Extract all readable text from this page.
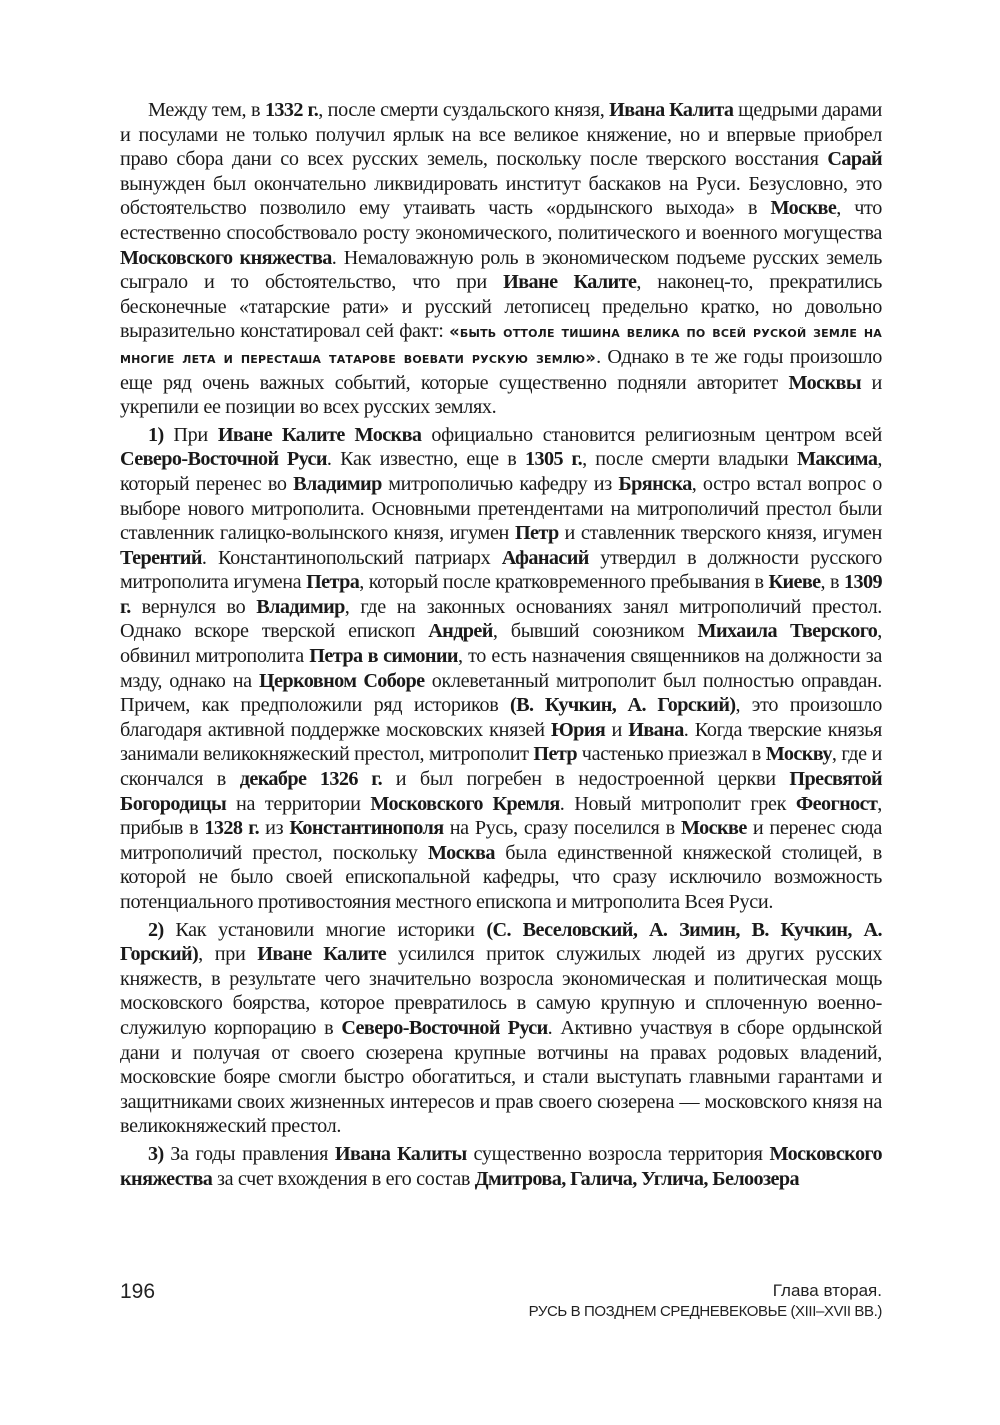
Между тем, в 1332 г., после смерти суздальского князя, Ивана Калита щедрыми дарами и посулами не только получил ярлык на все великое княжение, но и впервые приобрел право сбора дани со всех русских земель, поскольку после тверского восстания Сарай вынужден был окончательно ликвидировать институт баскаков на Руси. Безусловно, это обстоятельство позволило ему утаивать часть «ордынского выхода» в Москве, что естественно способствовало росту экономического, политического и военного могущества Московского княжества. Немаловажную роль в экономическом подъеме русских земель сыграло и то обстоятельство, что при Иване Калите, наконец-то, прекратились бесконечные «татарские рати» и русский летописец предельно кратко, но довольно выразительно констатировал сей факт: «быть оттоле тишина велика по всей руской земле на многие лета и пересташа татарове воевати рускую землю». Однако в те же годы произошло еще ряд очень важных событий, которые существенно подняли авторитет Москвы и укрепили ее позиции во всех русских землях.

1) При Иване Калите Москва официально становится религиозным центром всей Северо-Восточной Руси. Как известно, еще в 1305 г., после смерти владыки Максима, который перенес во Владимир митрополичью кафедру из Брянска, остро встал вопрос о выборе нового митрополита. Основными претендентами на митрополичий престол были ставленник галицко-волынского князя, игумен Петр и ставленник тверского князя, игумен Терентий. Константинопольский патриарх Афанасий утвердил в должности русского митрополита игумена Петра, который после кратковременного пребывания в Киеве, в 1309 г. вернулся во Владимир, где на законных основаниях занял митрополичий престол. Однако вскоре тверской епископ Андрей, бывший союзником Михаила Тверского, обвинил митрополита Петра в симонии, то есть назначения священников на должности за мзду, однако на Церковном Соборе оклеветанный митрополит был полностью оправдан. Причем, как предположили ряд историков (В. Кучкин, А. Горский), это произошло благодаря активной поддержке московских князей Юрия и Ивана. Когда тверские князья занимали великокняжеский престол, митрополит Петр частенько приезжал в Москву, где и скончался в декабре 1326 г. и был погребен в недостроенной церкви Пресвятой Богородицы на территории Московского Кремля. Новый митрополит грек Феогност, прибыв в 1328 г. из Константинополя на Русь, сразу поселился в Москве и перенес сюда митрополичий престол, поскольку Москва была единственной княжеской столицей, в которой не было своей епископальной кафедры, что сразу исключило возможность потенциального противостояния местного епископа и митрополита Всея Руси.

2) Как установили многие историки (С. Веселовский, А. Зимин, В. Кучкин, А. Горский), при Иване Калите усилился приток служилых людей из других русских княжеств, в результате чего значительно возросла экономическая и политическая мощь московского боярства, которое превратилось в самую крупную и сплоченную военно-служилую корпорацию в Северо-Восточной Руси. Активно участвуя в сборе ордынской дани и получая от своего сюзерена крупные вотчины на правах родовых владений, московские бояре смогли быстро обогатиться, и стали выступать главными гарантами и защитниками своих жизненных интересов и прав своего сюзерена — московского князя на великокняжеский престол.

3) За годы правления Ивана Калиты существенно возросла территория Московского княжества за счет вхождения в его состав Дмитрова, Галича, Углича, Белоозера

196	Глава вторая.
РУСЬ В ПОЗДНЕМ СРЕДНЕВЕКОВЬЕ (XIII–XVII ВВ.)
